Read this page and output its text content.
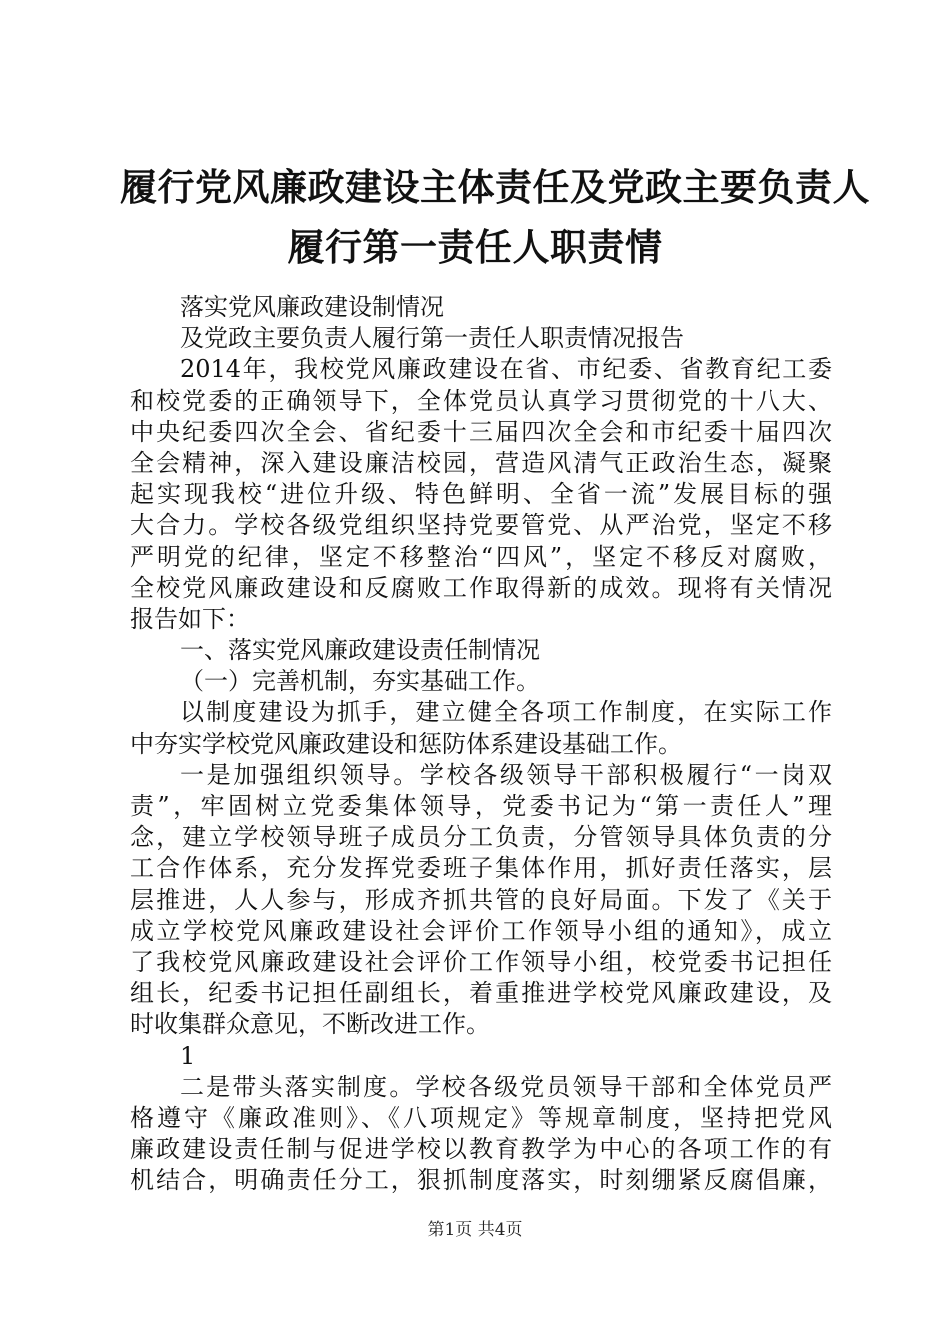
履行党风廉政建设主体责任及党政主要负责人
履行第一责任人职责情
落实党风廉政建设制情况
及党政主要负责人履行第一责任人职责情况报告
2014年，我校党风廉政建设在省、市纪委、省教育纪工委
和校党委的正确领导下，全体党员认真学习贯彻党的十八大、
中央纪委四次全会、省纪委十三届四次全会和市纪委十届四次
全会精神，深入建设廉洁校园，营造风清气正政治生态，凝聚
起实现我校“进位升级、特色鲜明、全省一流”发展目标的强
大合力。学校各级党组织坚持党要管党、从严治党，坚定不移
严明党的纪律，坚定不移整治“四风”，坚定不移反对腐败，
全校党风廉政建设和反腐败工作取得新的成效。现将有关情况
报告如下：
一、落实党风廉政建设责任制情况
（一）完善机制，夯实基础工作。
以制度建设为抓手，建立健全各项工作制度，在实际工作
中夯实学校党风廉政建设和惩防体系建设基础工作。
一是加强组织领导。学校各级领导干部积极履行“一岗双
责”，牢固树立党委集体领导，党委书记为“第一责任人”理
念，建立学校领导班子成员分工负责，分管领导具体负责的分
工合作体系，充分发挥党委班子集体作用，抓好责任落实，层
层推进，人人参与，形成齐抓共管的良好局面。下发了《关于
成立学校党风廉政建设社会评价工作领导小组的通知》，成立
了我校党风廉政建设社会评价工作领导小组，校党委书记担任
组长，纪委书记担任副组长，着重推进学校党风廉政建设，及
时收集群众意见，不断改进工作。
1
二是带头落实制度。学校各级党员领导干部和全体党员严
格遵守《廉政准则》、《八项规定》等规章制度，坚持把党风
廉政建设责任制与促进学校以教育教学为中心的各项工作的有
机结合，明确责任分工，狠抓制度落实，时刻绷紧反腐倡廉，
第1页 共4页
